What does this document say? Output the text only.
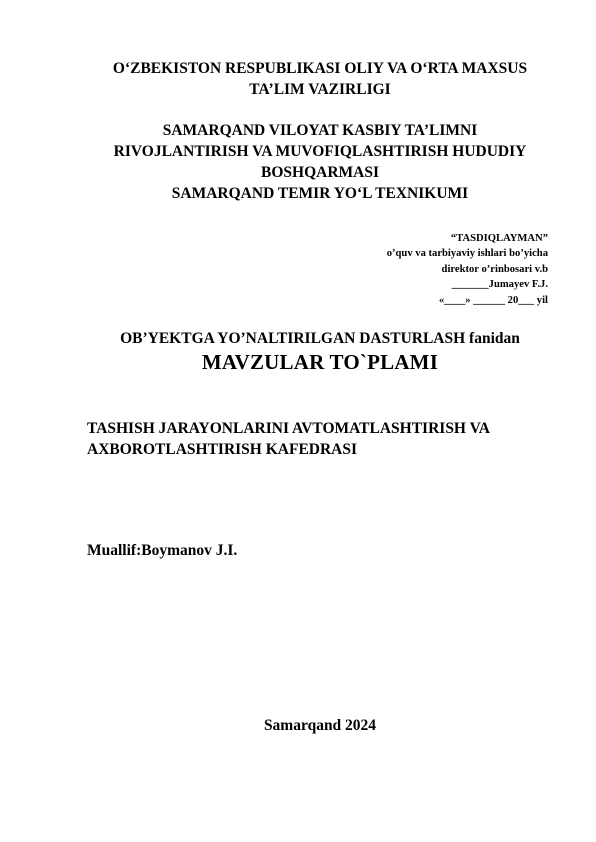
O‘ZBEKISTON RESPUBLIKASI OLIY VA O‘RTA MAXSUS
TA’LIM VAZIRLIGI
SAMARQAND VILOYAT KASBIY TA’LIMNI
RIVOJLANTIRISH VA MUVOFIQLASHTIRISH HUDUDIY
BOSHQARMASI
SAMARQAND TEMIR YO‘L TEXNIKUMI
“TASDIQLAYMAN”
o’quv va tarbiyaviy ishlari bo’yicha
direktor o’rinbosari v.b
_______Jumayev F.J.
«____» ______ 20___ yil
OB’YEKTGA YO’NALTIRILGAN DASTURLASH fanidan
MAVZULAR TO`PLAMI
TASHISH JARAYONLARINI AVTOMATLASHTIRISH VA
AXBOROTLASHTIRISH KAFEDRASI
Muallif:Boymanov J.I.
Samarqand 2024
